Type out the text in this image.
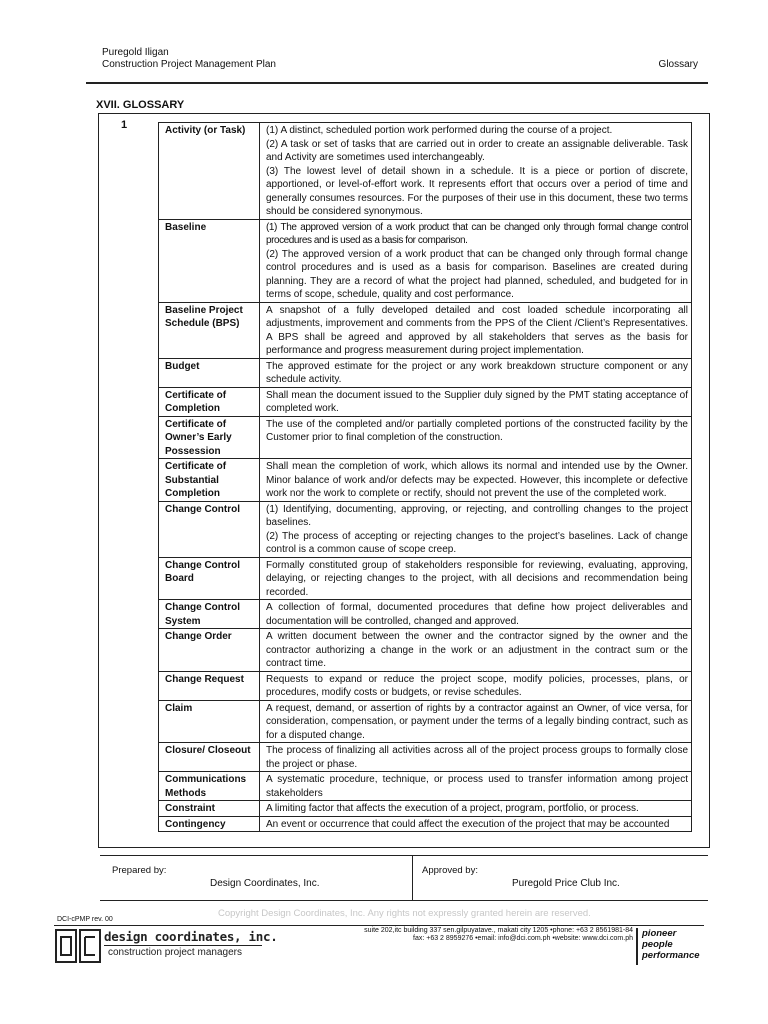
Puregold Iligan
Construction Project Management Plan	Glossary
XVII. GLOSSARY
1	Activity (or Task)	(1) A distinct, scheduled portion work performed during the course of a project.
(2) A task or set of tasks that are carried out in order to create an assignable deliverable. Task and Activity are sometimes used interchangeably.
(3) The lowest level of detail shown in a schedule. It is a piece or portion of discrete, apportioned, or level-of-effort work. It represents effort that occurs over a period of time and generally consumes resources. For the purposes of their use in this document, these two terms should be considered synonymous.

Baseline	(1) The approved version of a work product that can be changed only through formal change control procedures and is used as a basis for comparison.
(2) The approved version of a work product that can be changed only through formal change control procedures and is used as a basis for comparison. Baselines are created during planning. They are a record of what the project had planned, scheduled, and budgeted for in terms of scope, schedule, quality and cost performance.

Baseline Project Schedule (BPS)	A snapshot of a fully developed detailed and cost loaded schedule incorporating all adjustments, improvement and comments from the PPS of the Client /Client’s Representatives. A BPS shall be agreed and approved by all stakeholders that serves as the basis for performance and progress measurement during project implementation.

Budget	The approved estimate for the project or any work breakdown structure component or any schedule activity.

Certificate of Completion	Shall mean the document issued to the Supplier duly signed by the PMT stating acceptance of completed work.

Certificate of Owner’s Early Possession	The use of the completed and/or partially completed portions of the constructed facility by the Customer prior to final completion of the construction.

Certificate of Substantial Completion	Shall mean the completion of work, which allows its normal and intended use by the Owner. Minor balance of work and/or defects may be expected. However, this incomplete or defective work nor the work to complete or rectify, should not prevent the use of the completed work.

Change Control	(1) Identifying, documenting, approving, or rejecting, and controlling changes to the project baselines.
(2) The process of accepting or rejecting changes to the project’s baselines. Lack of change control is a common cause of scope creep.

Change Control Board	Formally constituted group of stakeholders responsible for reviewing, evaluating, approving, delaying, or rejecting changes to the project, with all decisions and recommendation being recorded.

Change Control System	A collection of formal, documented procedures that define how project deliverables and documentation will be controlled, changed and approved.

Change Order	A written document between the owner and the contractor signed by the owner and the contractor authorizing a change in the work or an adjustment in the contract sum or the contract time.

Change Request	Requests to expand or reduce the project scope, modify policies, processes, plans, or procedures, modify costs or budgets, or revise schedules.

Claim	A request, demand, or assertion of rights by a contractor against an Owner, of vice versa, for consideration, compensation, or payment under the terms of a legally binding contract, such as for a disputed change.

Closure/ Closeout	The process of finalizing all activities across all of the project process groups to formally close the project or phase.

Communications Methods	A systematic procedure, technique, or process used to transfer information among project stakeholders

Constraint	A limiting factor that affects the execution of a project, program, portfolio, or process.

Contingency	An event or occurrence that could affect the execution of the project that may be accounted
Prepared by:
Design Coordinates, Inc.
Approved by:
Puregold Price Club Inc.
Copyright Design Coordinates, Inc. Any rights not expressly granted herein are reserved.
DCI-cPMP rev. 00
design coordinates, inc.
construction project managers
suite 202,itc building 337 sen.gilpuyatave., makati city 1205 •phone: +63 2 8561981-84
fax: +63 2 8959276 •email: info@dci.com.ph •website: www.dci.com.ph pioneer
people
performance
